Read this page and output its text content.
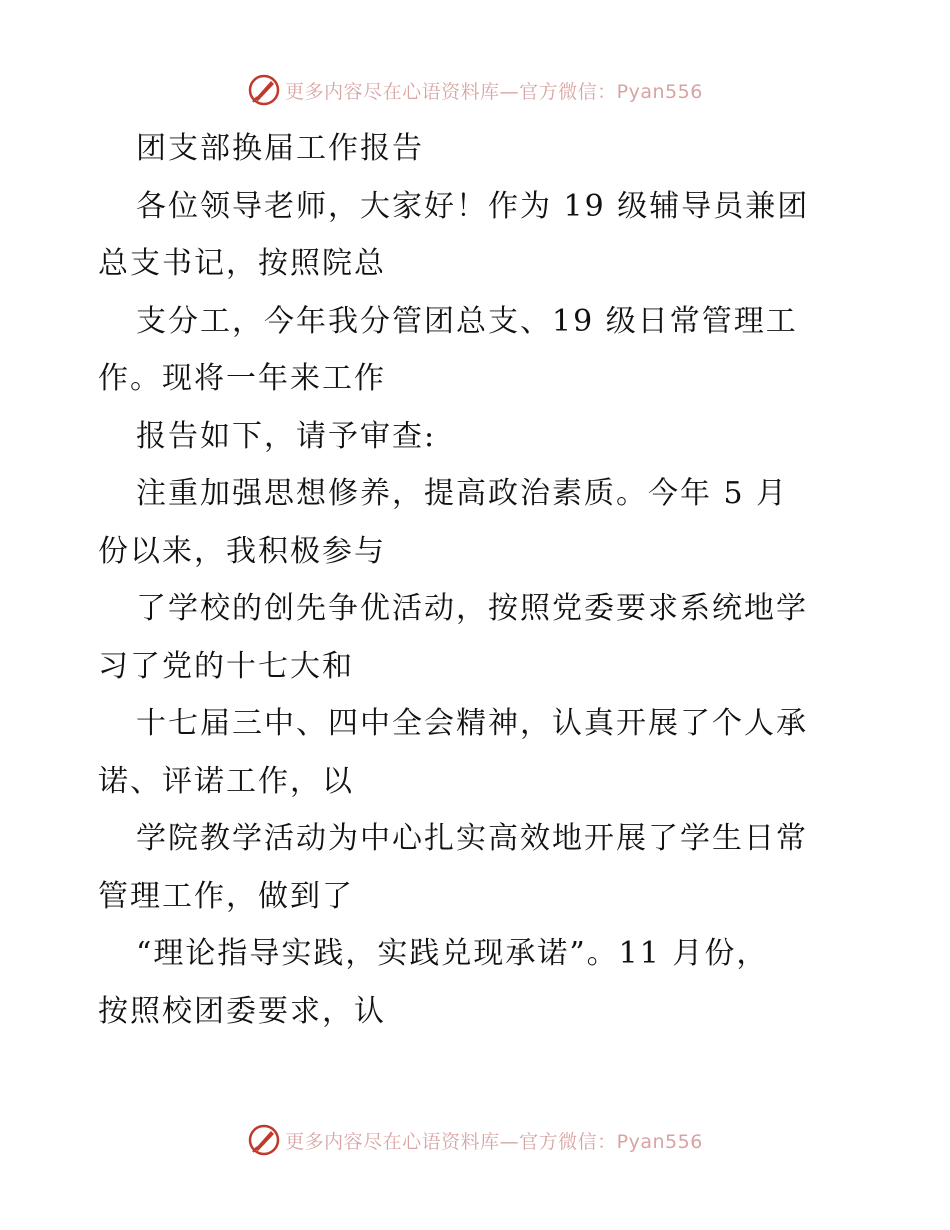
更多内容尽在心语资料库—官方微信：Pyan556
团支部换届工作报告
各位领导老师，大家好！作为 19 级辅导员兼团
总支书记，按照院总
支分工，今年我分管团总支、19 级日常管理工
作。现将一年来工作
报告如下，请予审查:
注重加强思想修养，提高政治素质。今年 5 月
份以来，我积极参与
了学校的创先争优活动，按照党委要求系统地学
习了党的十七大和
十七届三中、四中全会精神，认真开展了个人承
诺、评诺工作，以
学院教学活动为中心扎实高效地开展了学生日常
管理工作，做到了
“理论指导实践，实践兑现承诺”。11 月份，
按照校团委要求，认
更多内容尽在心语资料库—官方微信：Pyan556
